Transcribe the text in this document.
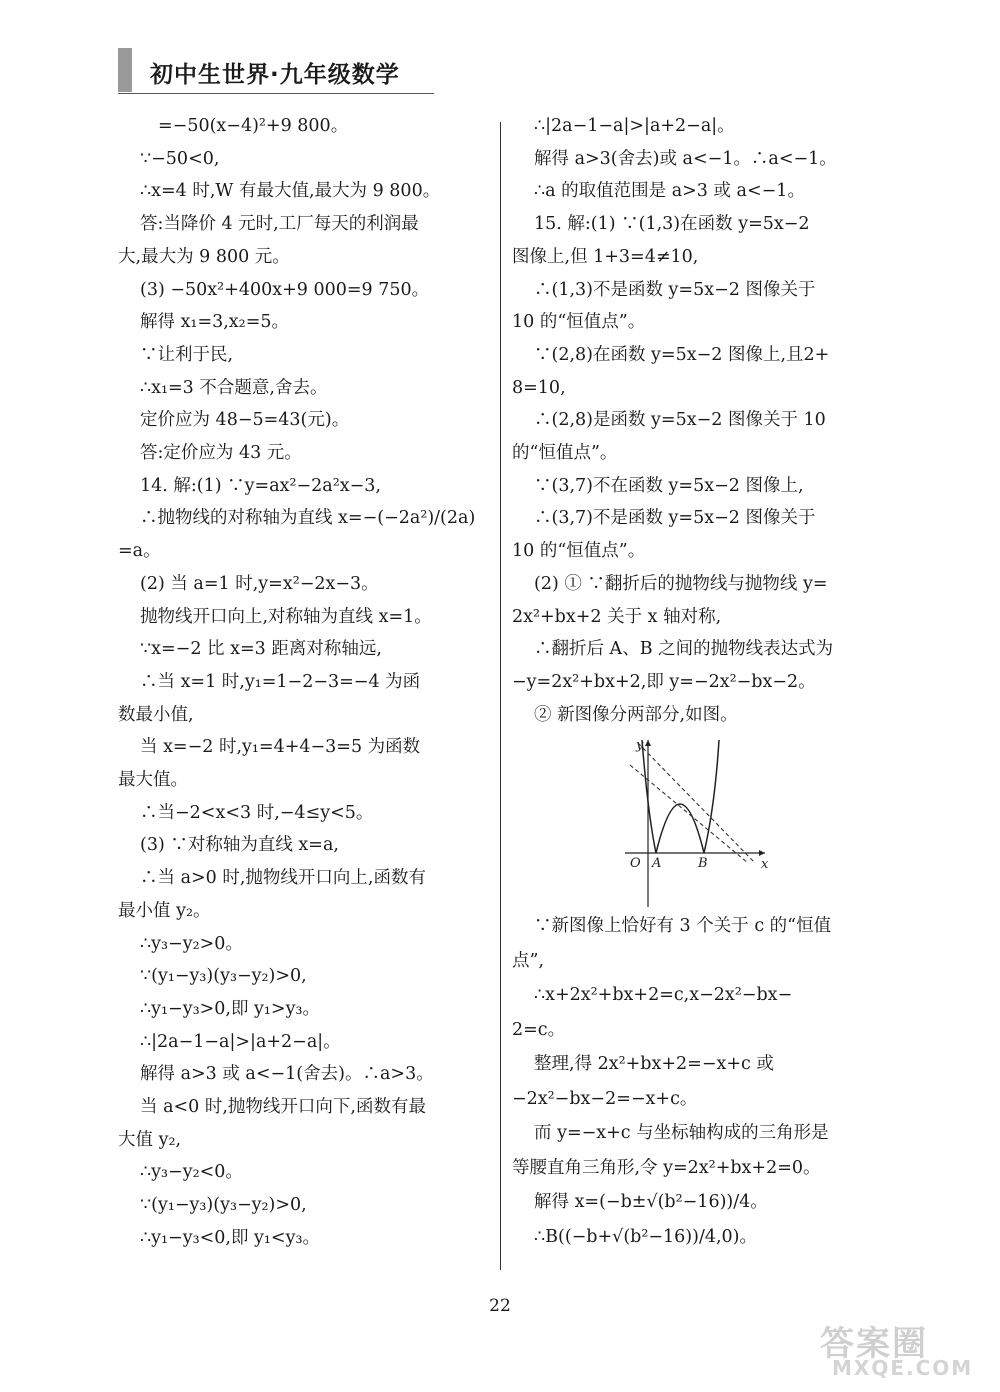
初中生世界·九年级数学
=−50(x−4)²+9 800。
∵−50<0,
∴x=4 时,W 有最大值,最大为 9 800。
答:当降价 4 元时,工厂每天的利润最
大,最大为 9 800 元。
(3) −50x²+400x+9 000=9 750。
解得 x₁=3,x₂=5。
∵让利于民,
∴x₁=3 不合题意,舍去。
定价应为 48−5=43(元)。
答:定价应为 43 元。
14. 解:(1) ∵y=ax²−2a²x−3,
∴抛物线的对称轴为直线 x=−(−2a²)/(2a)
=a。
(2) 当 a=1 时,y=x²−2x−3。
抛物线开口向上,对称轴为直线 x=1。
∵x=−2 比 x=3 距离对称轴远,
∴当 x=1 时,y₁=1−2−3=−4 为函
数最小值,
当 x=−2 时,y₁=4+4−3=5 为函数
最大值。
∴当−2<x<3 时,−4≤y<5。
(3) ∵对称轴为直线 x=a,
∴当 a>0 时,抛物线开口向上,函数有
最小值 y₂。
∴y₃−y₂>0。
∵(y₁−y₃)(y₃−y₂)>0,
∴y₁−y₃>0,即 y₁>y₃。
∴|2a−1−a|>|a+2−a|。
解得 a>3 或 a<−1(舍去)。∴a>3。
当 a<0 时,抛物线开口向下,函数有最
大值 y₂,
∴y₃−y₂<0。
∵(y₁−y₃)(y₃−y₂)>0,
∴y₁−y₃<0,即 y₁<y₃。
∴|2a−1−a|>|a+2−a|。
解得 a>3(舍去)或 a<−1。∴a<−1。
∴a 的取值范围是 a>3 或 a<−1。
15. 解:(1) ∵(1,3)在函数 y=5x−2
图像上,但 1+3=4≠10,
∴(1,3)不是函数 y=5x−2 图像关于
10 的“恒值点”。
∵(2,8)在函数 y=5x−2 图像上,且2+
8=10,
∴(2,8)是函数 y=5x−2 图像关于 10
的“恒值点”。
∵(3,7)不在函数 y=5x−2 图像上,
∴(3,7)不是函数 y=5x−2 图像关于
10 的“恒值点”。
(2) ① ∵翻折后的抛物线与抛物线 y=
2x²+bx+2 关于 x 轴对称,
∴翻折后 A、B 之间的抛物线表达式为
−y=2x²+bx+2,即 y=−2x²−bx−2。
② 新图像分两部分,如图。
∵新图像上恰好有 3 个关于 c 的“恒值
点”,
∴x+2x²+bx+2=c,x−2x²−bx−
2=c。
整理,得 2x²+bx+2=−x+c 或
−2x²−bx−2=−x+c。
而 y=−x+c 与坐标轴构成的三角形是
等腰直角三角形,令 y=2x²+bx+2=0。
解得 x=(−b±√(b²−16))/4。
∴B((−b+√(b²−16))/4,0)。
y
x
O A	B
22
答案圈
MXQE.COM
